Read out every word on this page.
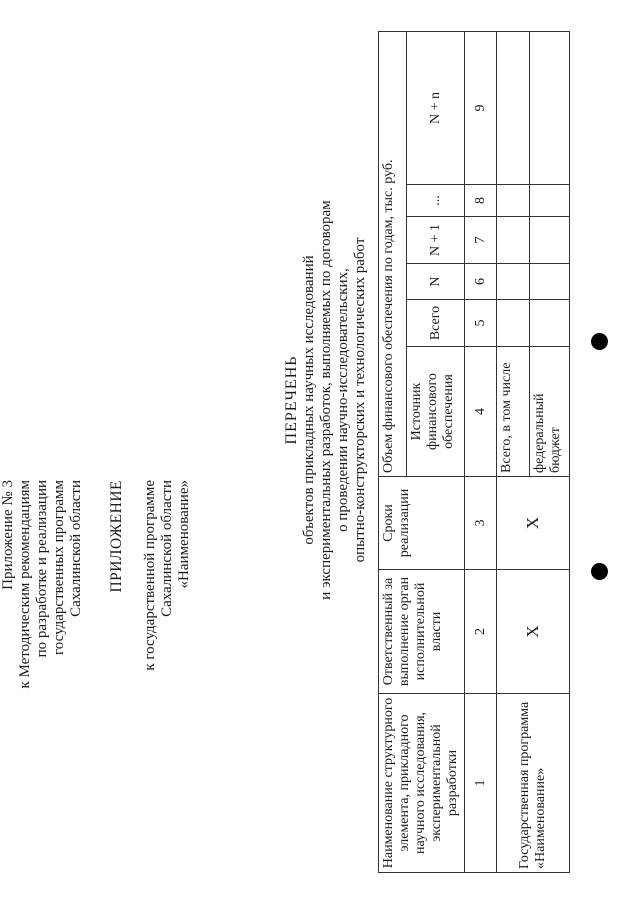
Приложение № 3 к Методическим рекомендациям по разработке и реализации государственных программ Сахалинской области ПРИЛОЖЕНИЕ к государственной программе Сахалинской области «Наименование»
ПЕРЕЧЕНЬ объектов прикладных научных исследований и экспериментальных разработок, выполняемых по договорам о проведении научно-исследовательских, опытно-конструкторских и технологических работ
Наименование структурного элемента, прикладного научного исследования, экспериментальной разработки	Ответственный за выполнение орган исполнительной власти	Сроки реализации	Объем финансового обеспечения по годам, тыс. руб.					
			Источник финансового обеспечения	Всего	N	N + 1	...	N + n
1	2	3	4	5	6	7	8	9
Государственная программа «Наименование»	Х	Х	Всего, в том числе					
			федеральный бюджет					
